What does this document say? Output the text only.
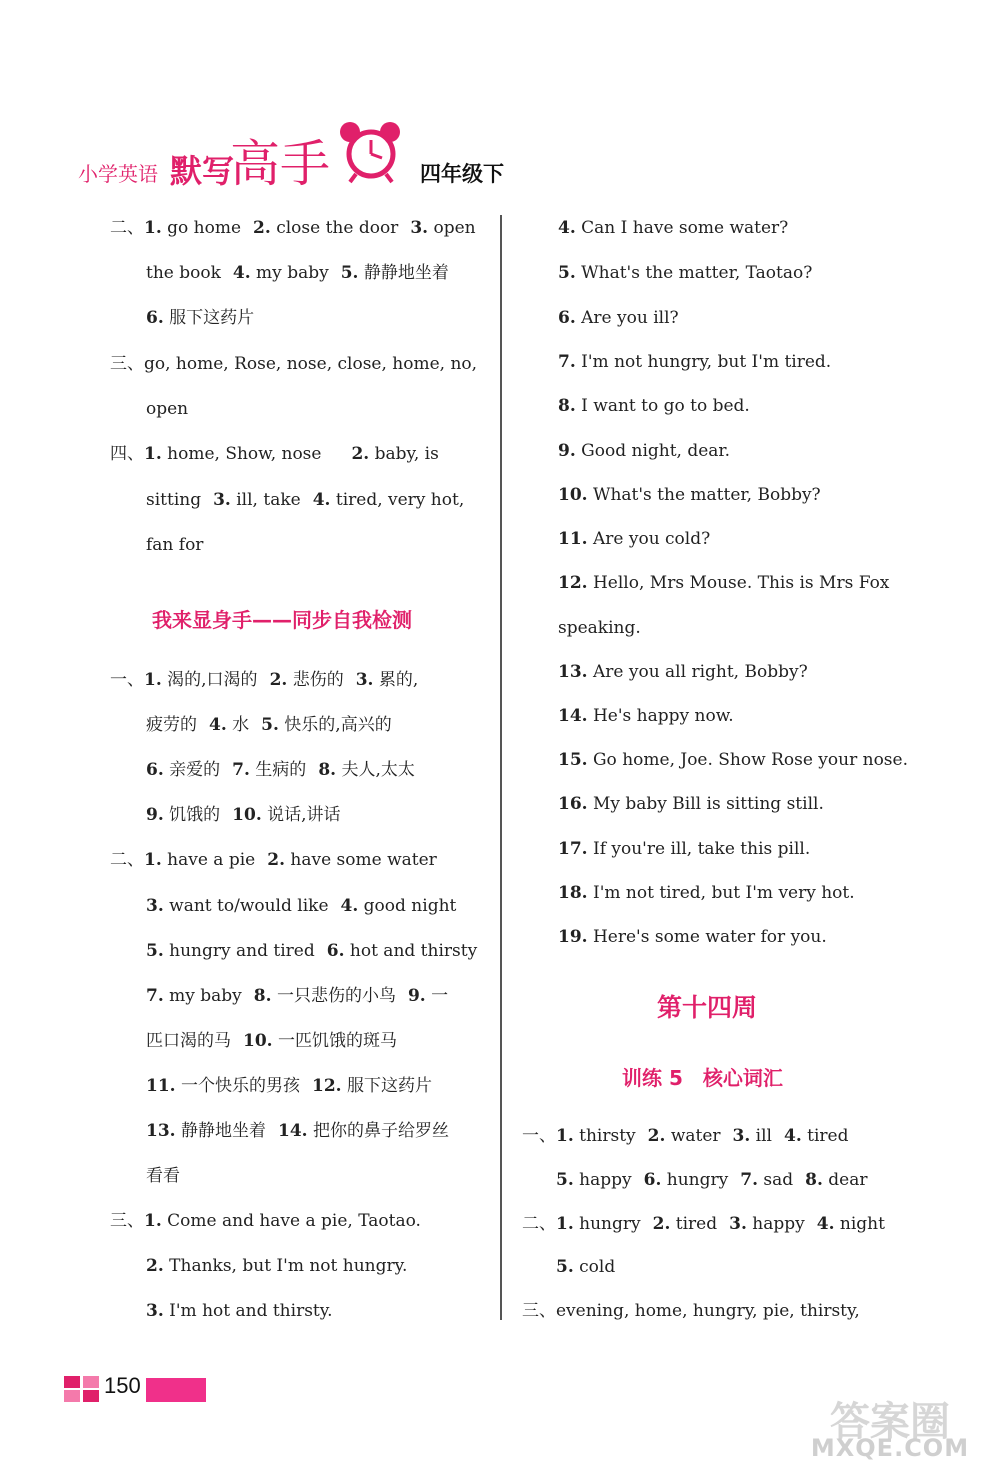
小学英语 默写
高手	四年级下
二、1. go home 2. close the door 3. open
the book 4. my baby 5. 静静地坐着
6. 服下这药片
三、go, home, Rose, nose, close, home, no,
open
四、1. home, Show, nose 2. baby, is
sitting 3. ill, take 4. tired, very hot,
fan for
我来显身手——同步自我检测
一、1. 渴的,口渴的 2. 悲伤的 3. 累的,
疲劳的 4. 水 5. 快乐的,高兴的
6. 亲爱的 7. 生病的 8. 夫人,太太
9. 饥饿的 10. 说话,讲话
二、1. have a pie 2. have some water
3. want to/would like 4. good night
5. hungry and tired 6. hot and thirsty
7. my baby 8. 一只悲伤的小鸟 9. 一
匹口渴的马 10. 一匹饥饿的斑马
11. 一个快乐的男孩 12. 服下这药片
13. 静静地坐着 14. 把你的鼻子给罗丝
看看
三、1. Come and have a pie, Taotao.
2. Thanks, but I'm not hungry.
3. I'm hot and thirsty.
4. Can I have some water?
5. What's the matter, Taotao?
6. Are you ill?
7. I'm not hungry, but I'm tired.
8. I want to go to bed.
9. Good night, dear.
10. What's the matter, Bobby?
11. Are you cold?
12. Hello, Mrs Mouse. This is Mrs Fox
speaking.
13. Are you all right, Bobby?
14. He's happy now.
15. Go home, Joe. Show Rose your nose.
16. My baby Bill is sitting still.
17. If you're ill, take this pill.
18. I'm not tired, but I'm very hot.
19. Here's some water for you.
第十四周
训练 5　核心词汇
一、1. thirsty 2. water 3. ill 4. tired
5. happy 6. hungry 7. sad 8. dear
二、1. hungry 2. tired 3. happy 4. night
5. cold
三、evening, home, hungry, pie, thirsty,
150
答案圈
MXQE.COM
